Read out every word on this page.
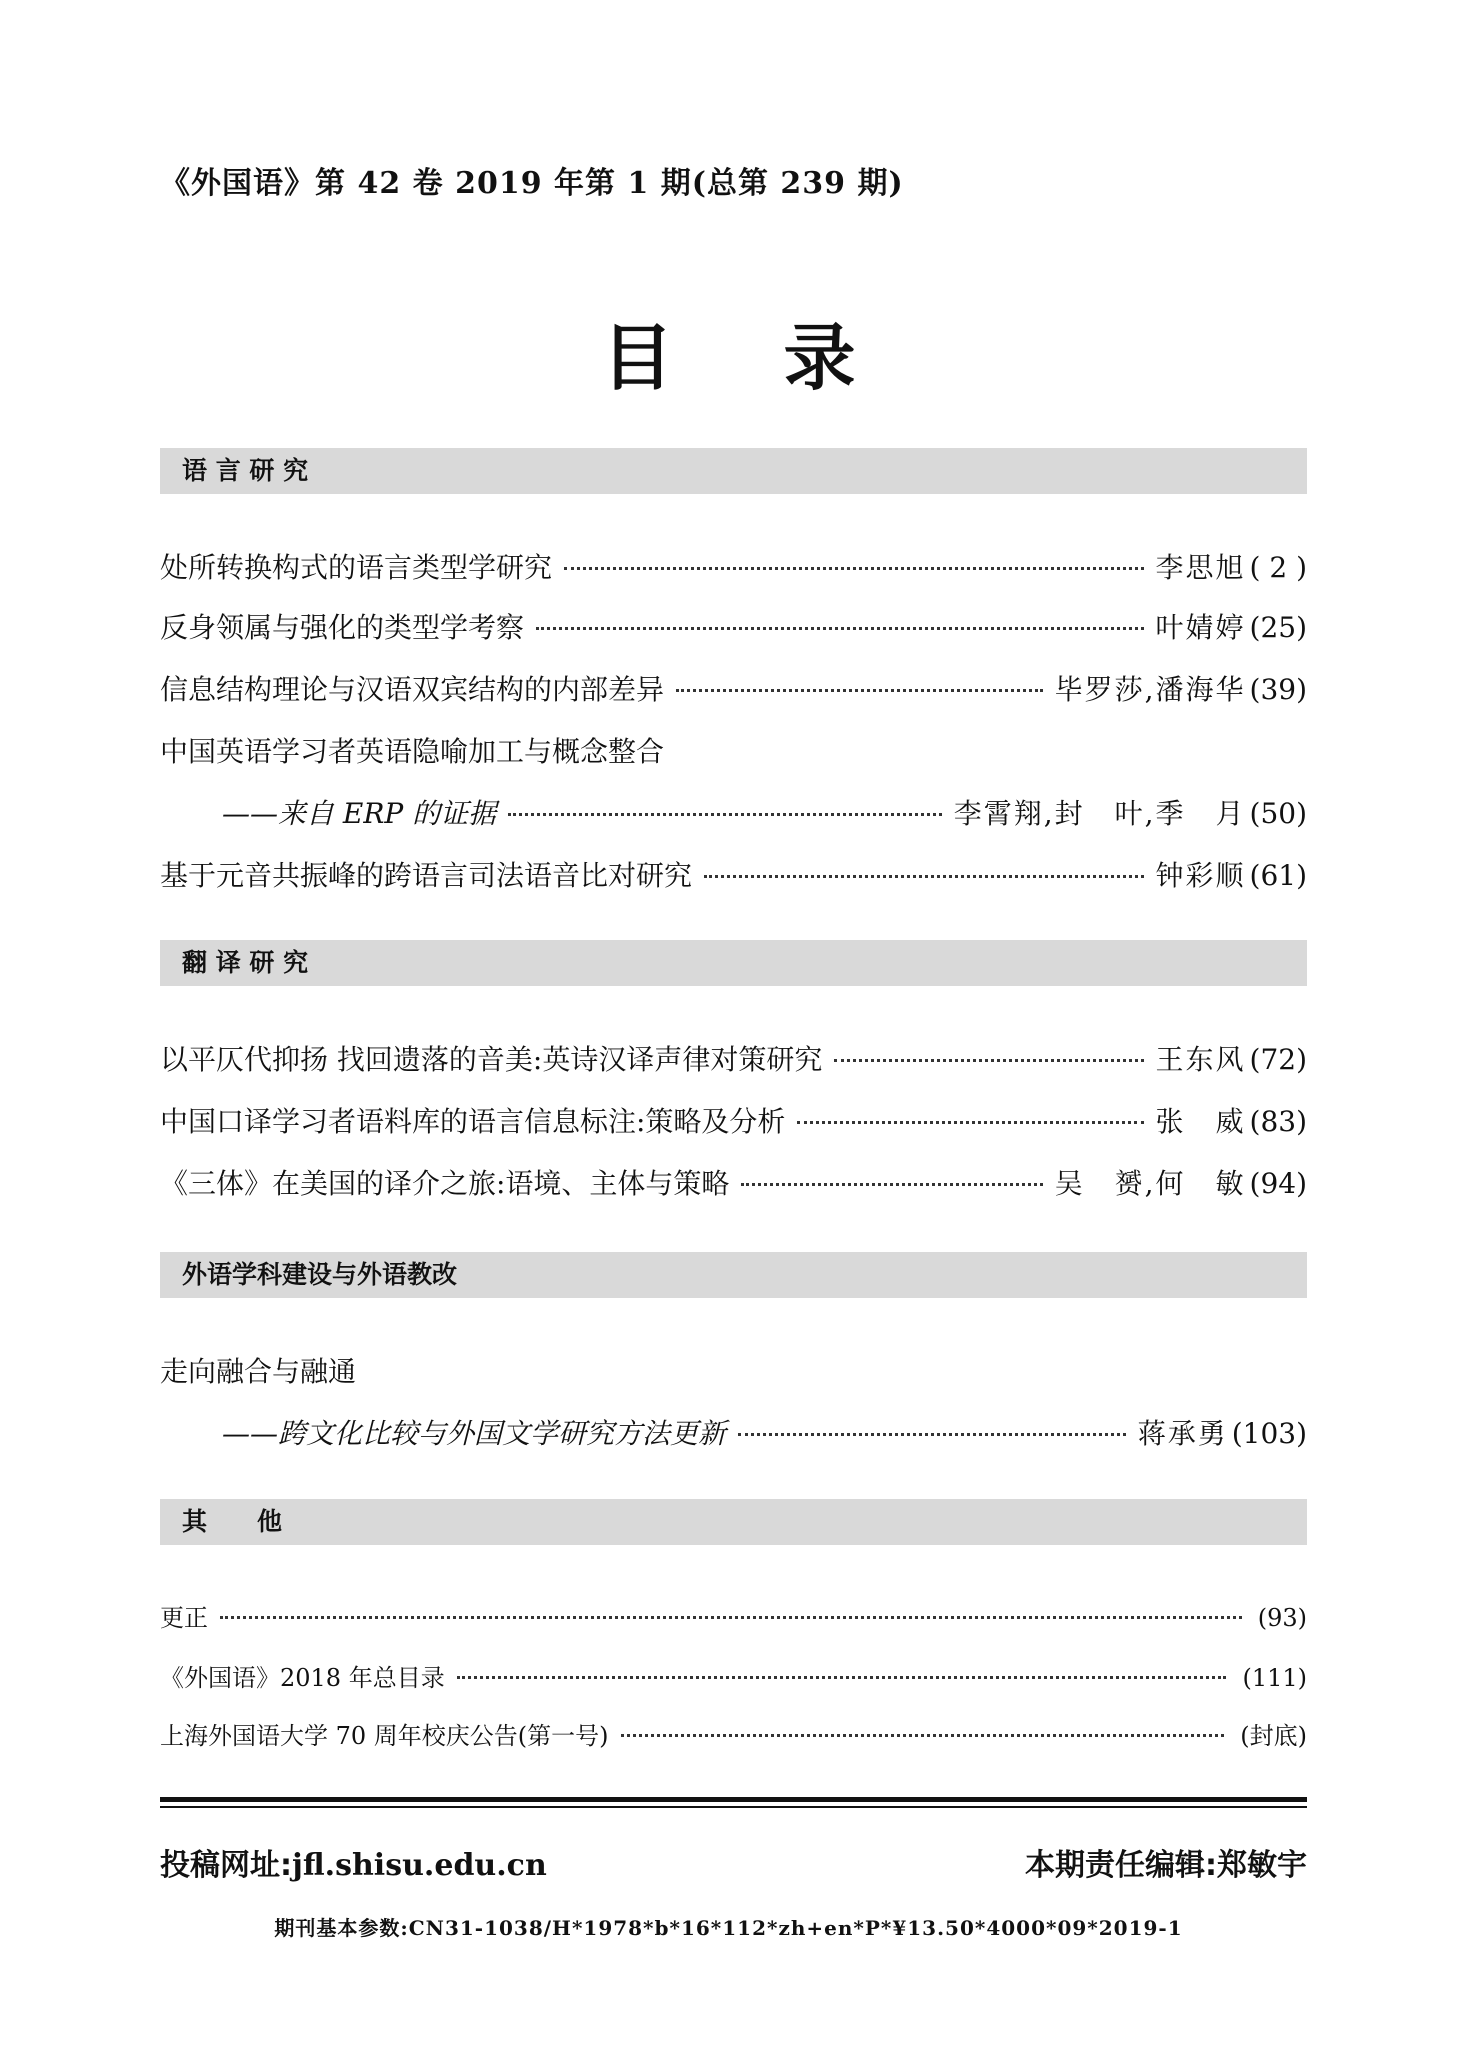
《外国语》第 42 卷 2019 年第 1 期(总第 239 期)
目录
语 言 研 究
处所转换构式的语言类型学研究	李思旭 ( 2 )
反身领属与强化的类型学考察	叶婧婷 (25)
信息结构理论与汉语双宾结构的内部差异	毕罗莎,潘海华 (39)
中国英语学习者英语隐喻加工与概念整合
——来自 ERP 的证据	李霄翔,封　叶,季　月 (50)
基于元音共振峰的跨语言司法语音比对研究	钟彩顺 (61)
翻 译 研 究
以平仄代抑扬 找回遗落的音美:英诗汉译声律对策研究	王东风 (72)
中国口译学习者语料库的语言信息标注:策略及分析	张　威 (83)
《三体》在美国的译介之旅:语境、主体与策略	吴　赟,何　敏 (94)
外语学科建设与外语教改
走向融合与融通
——跨文化比较与外国文学研究方法更新	蒋承勇 (103)
其　　他
更正	(93)
《外国语》2018 年总目录	(111)
上海外国语大学 70 周年校庆公告(第一号)	(封底)
投稿网址:jfl.shisu.edu.cn	本期责任编辑:郑敏宇
期刊基本参数:CN31-1038/H*1978*b*16*112*zh+en*P*¥13.50*4000*09*2019-1
